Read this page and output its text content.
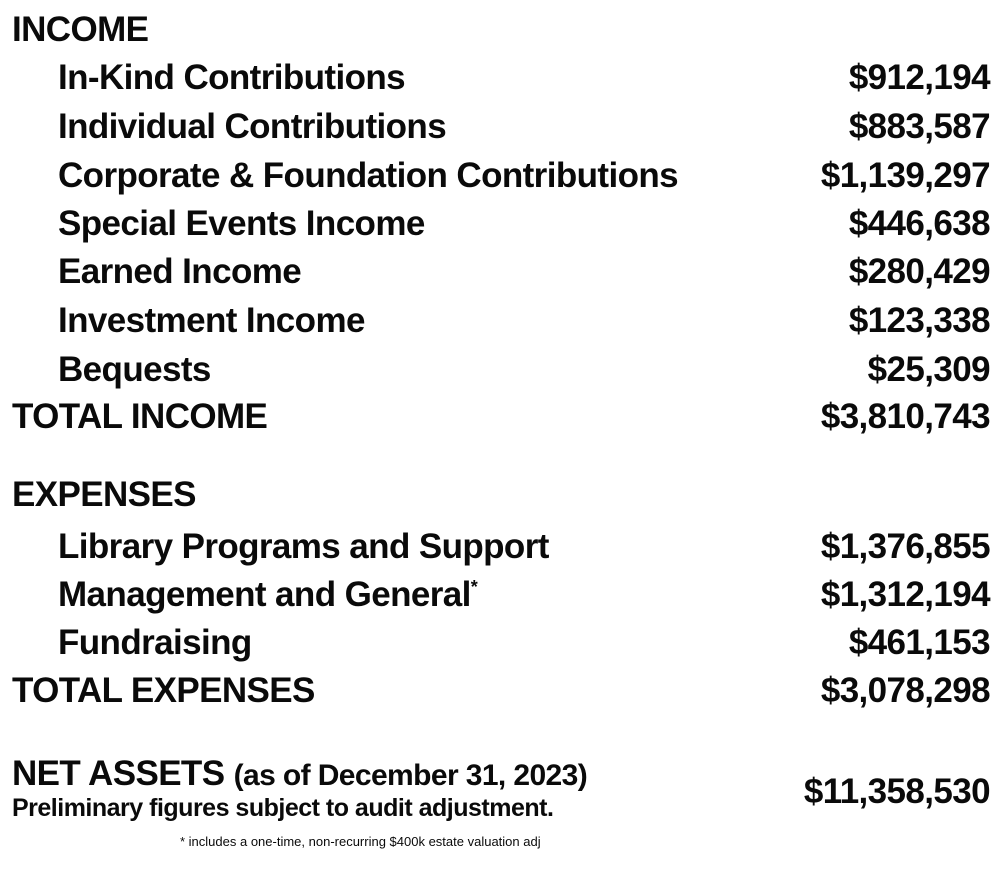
INCOME
In-Kind Contributions	$912,194
Individual Contributions	$883,587
Corporate & Foundation Contributions	$1,139,297
Special Events Income	$446,638
Earned Income	$280,429
Investment Income	$123,338
Bequests	$25,309
TOTAL INCOME	$3,810,743
EXPENSES
Library Programs and Support	$1,376,855
Management and General*	$1,312,194
Fundraising	$461,153
TOTAL EXPENSES	$3,078,298
NET ASSETS (as of December 31, 2023)
Preliminary figures subject to audit adjustment.	$11,358,530
* includes a one-time, non-recurring $400k estate valuation adj
